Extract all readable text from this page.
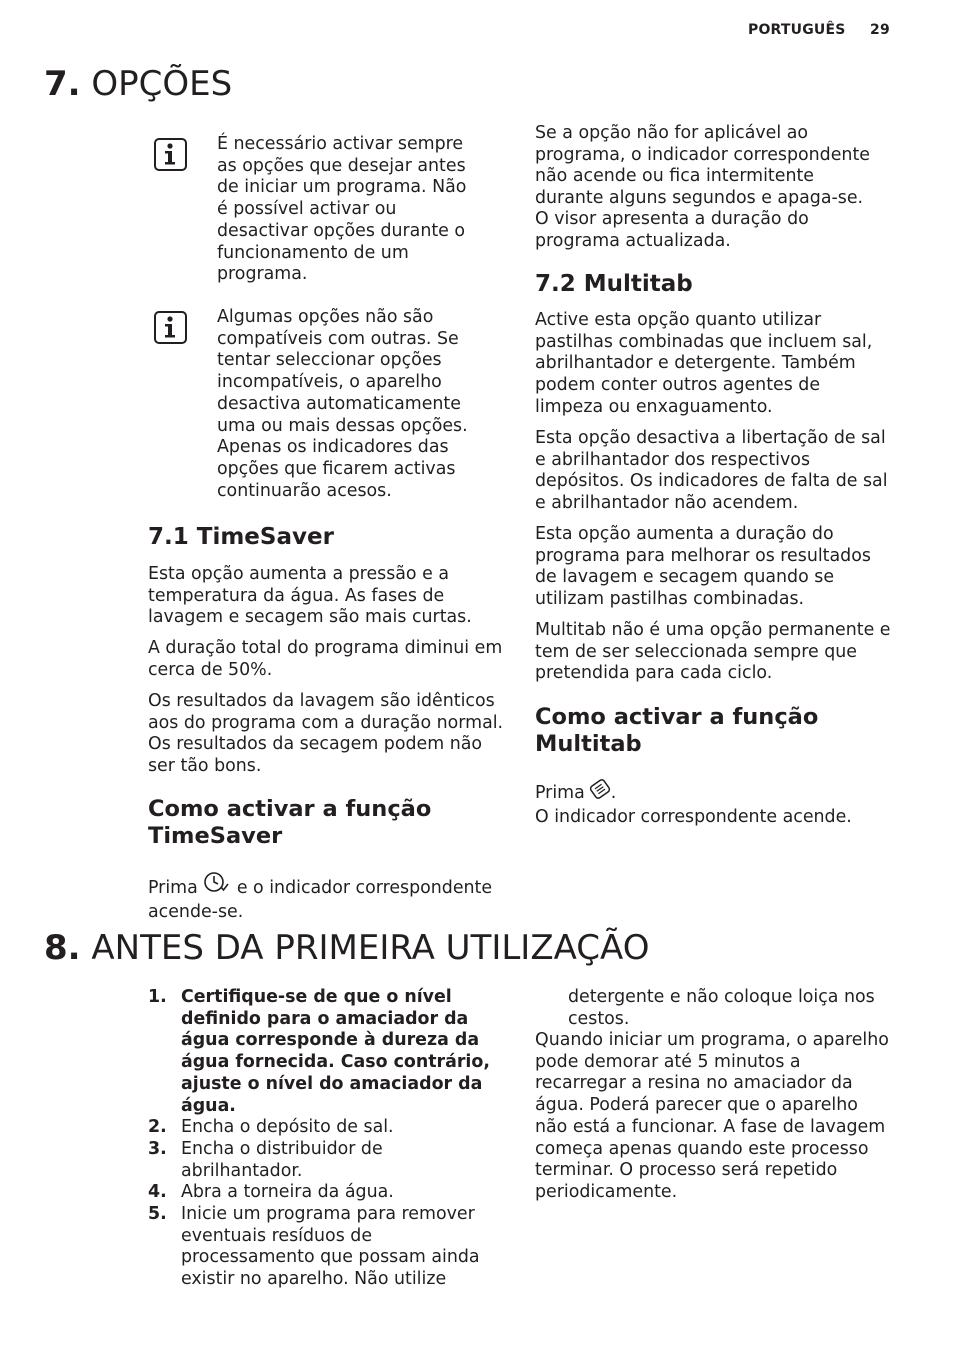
PORTUGUÊS 29
7. OPÇÕES

É necessário activar sempre as opções que desejar antes de iniciar um programa. Não é possível activar ou desactivar opções durante o funcionamento de um programa.

Algumas opções não são compatíveis com outras. Se tentar seleccionar opções incompatíveis, o aparelho desactiva automaticamente uma ou mais dessas opções. Apenas os indicadores das opções que ficarem activas continuarão acesos.

7.1 TimeSaver

Esta opção aumenta a pressão e a temperatura da água. As fases de lavagem e secagem são mais curtas.

A duração total do programa diminui em cerca de 50%.

Os resultados da lavagem são idênticos aos do programa com a duração normal. Os resultados da secagem podem não ser tão bons.

Como activar a função TimeSaver

Prima e o indicador correspondente acende-se.

Se a opção não for aplicável ao programa, o indicador correspondente não acende ou fica intermitente durante alguns segundos e apaga-se.

O visor apresenta a duração do programa actualizada.

7.2 Multitab

Active esta opção quanto utilizar pastilhas combinadas que incluem sal, abrilhantador e detergente. Também podem conter outros agentes de limpeza ou enxaguamento.

Esta opção desactiva a libertação de sal e abrilhantador dos respectivos depósitos. Os indicadores de falta de sal e abrilhantador não acendem.

Esta opção aumenta a duração do programa para melhorar os resultados de lavagem e secagem quando se utilizam pastilhas combinadas.

Multitab não é uma opção permanente e tem de ser seleccionada sempre que pretendida para cada ciclo.

Como activar a função Multitab

Prima .
O indicador correspondente acende.

8. ANTES DA PRIMEIRA UTILIZAÇÃO
1. Certifique-se de que o nível definido para o amaciador da água corresponde à dureza da água fornecida. Caso contrário, ajuste o nível do amaciador da água.
2. Encha o depósito de sal.
3. Encha o distribuidor de abrilhantador.
4. Abra a torneira da água.
5. Inicie um programa para remover eventuais resíduos de processamento que possam ainda existir no aparelho. Não utilize

detergente e não coloque loiça nos cestos.

Quando iniciar um programa, o aparelho pode demorar até 5 minutos a recarregar a resina no amaciador da água. Poderá parecer que o aparelho não está a funcionar. A fase de lavagem começa apenas quando este processo terminar. O processo será repetido periodicamente.
